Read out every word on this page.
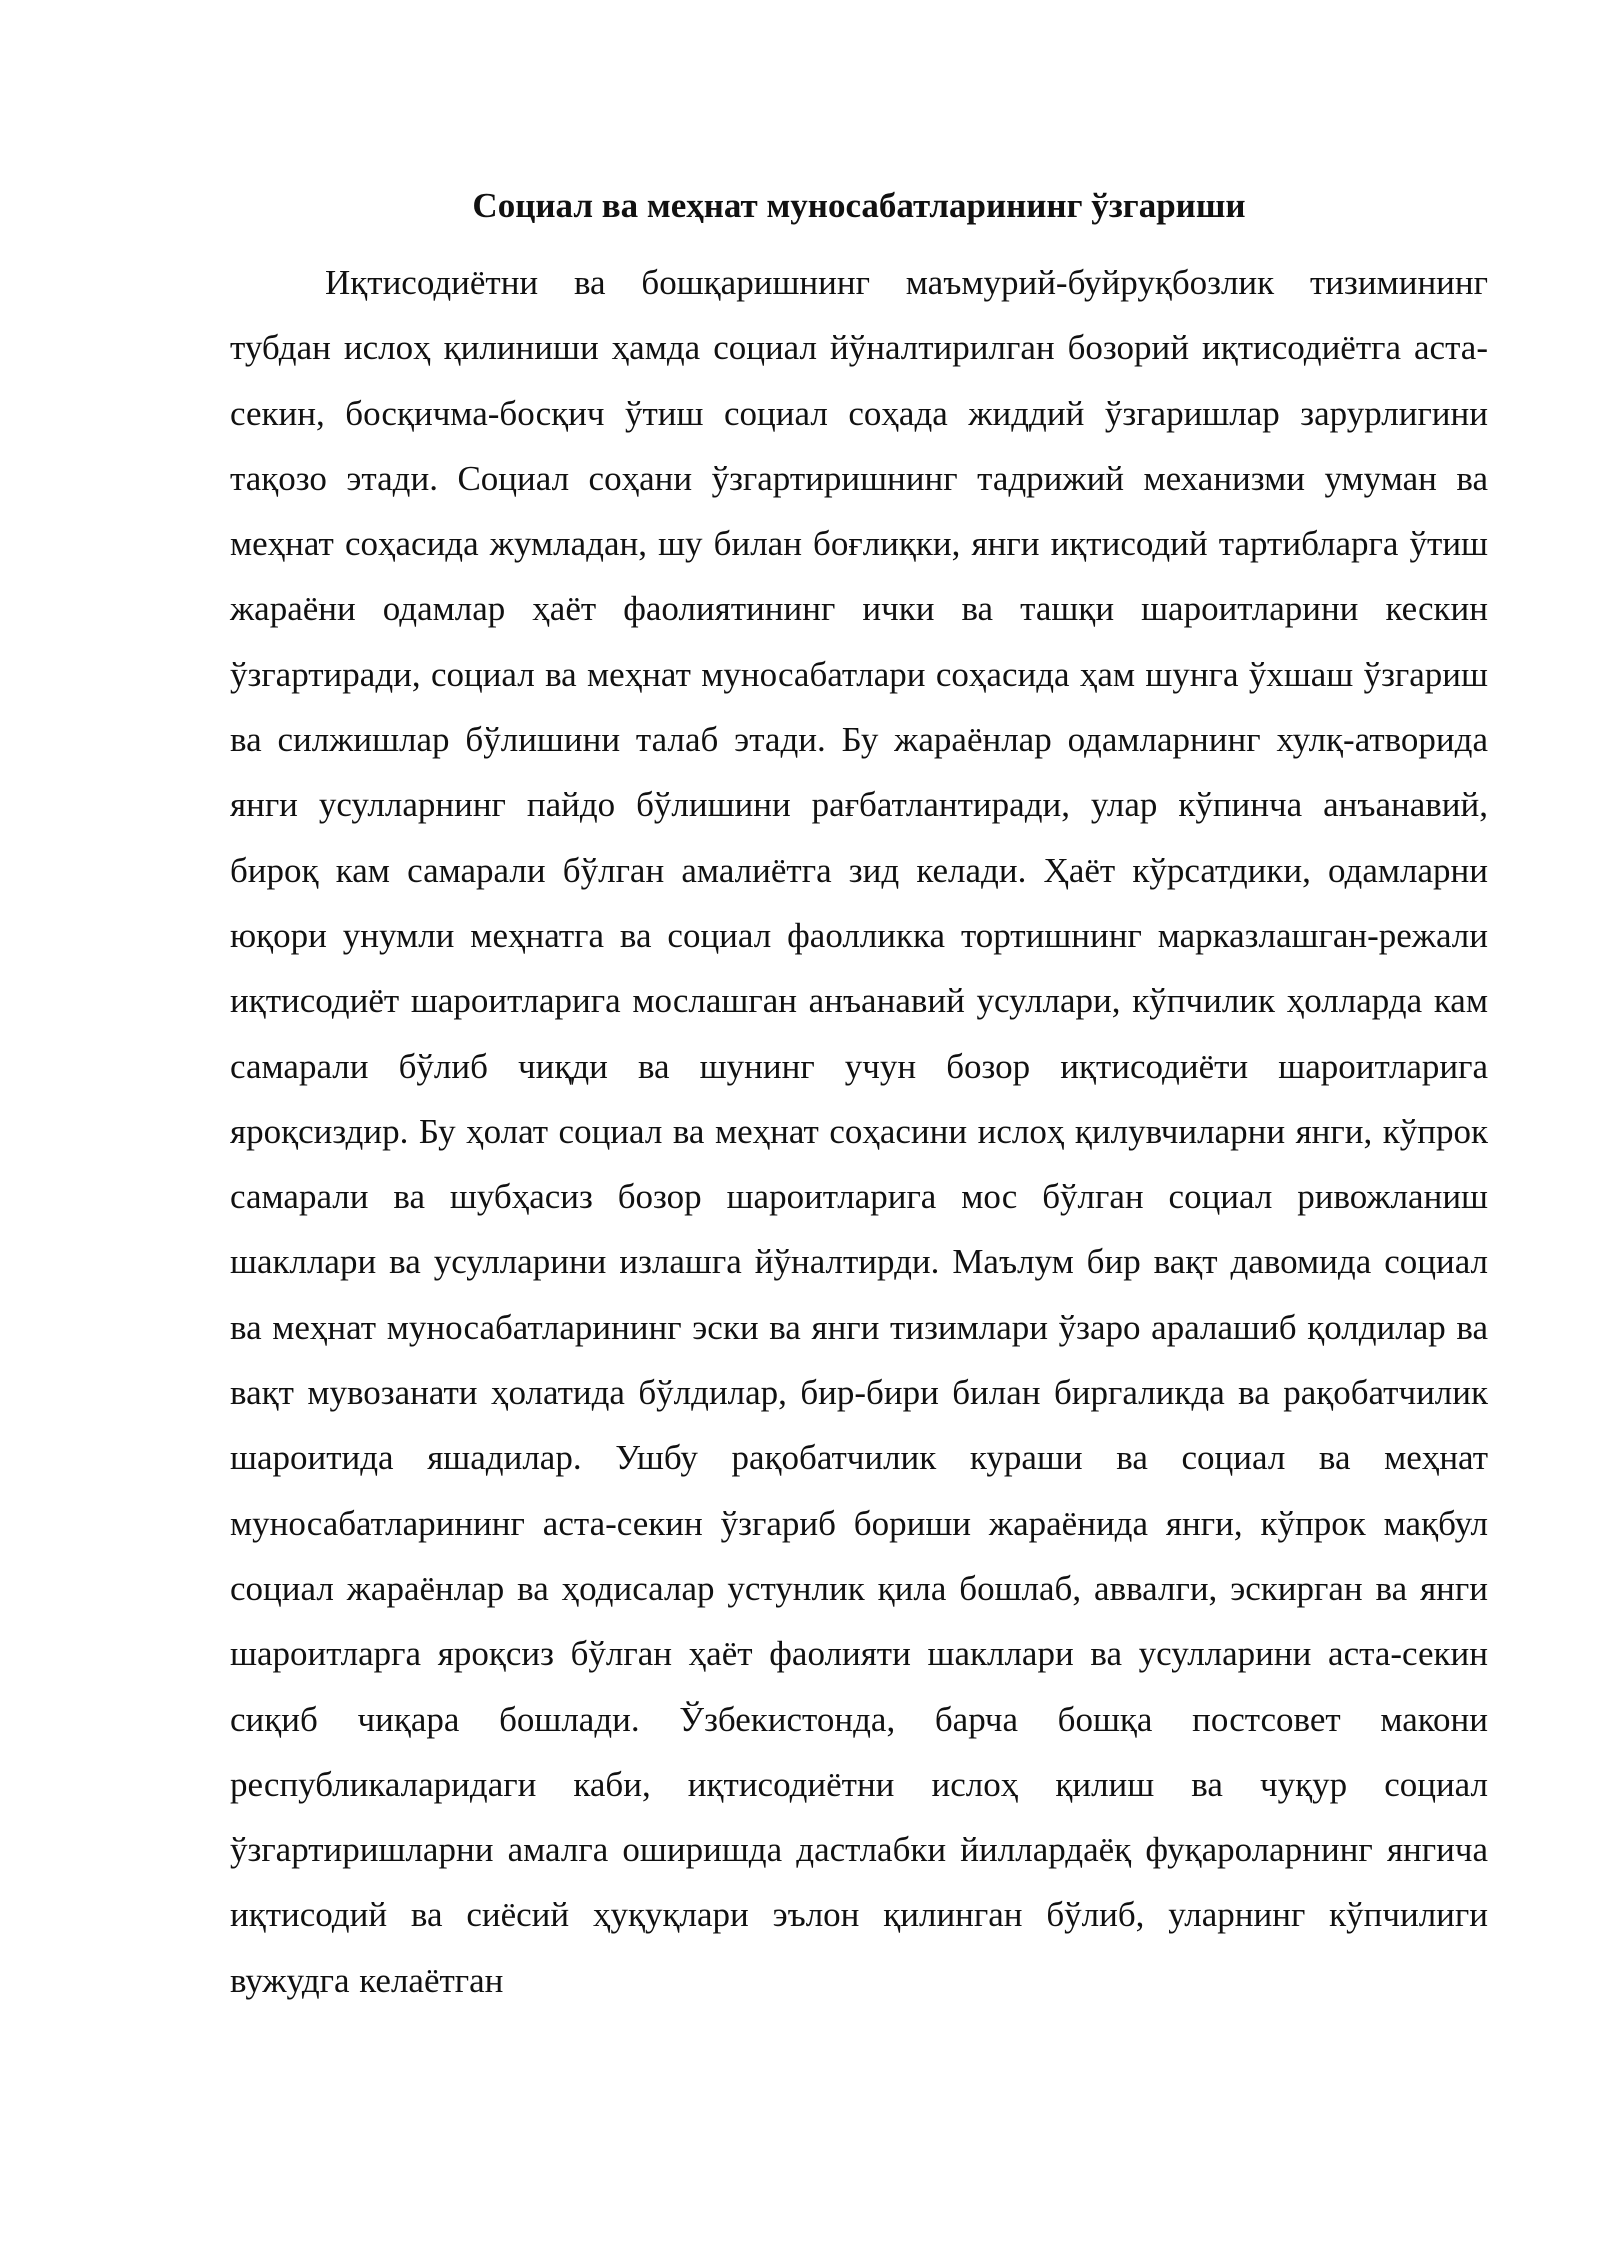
Социал ва меҳнат муносабатларининг ўзгариши

Иқтисодиётни ва бошқаришнинг маъмурий-буйруқбозлик тизимининг тубдан ислоҳ қилиниши ҳамда социал йўналтирилган бозорий иқтисодиётга аста-секин, босқичма-босқич ўтиш социал соҳада жиддий ўзгаришлар зарурлигини тақозо этади. Социал соҳани ўзгартиришнинг тадрижий механизми умуман ва меҳнат соҳасида жумладан, шу билан боғлиқки, янги иқтисодий тартибларга ўтиш жараёни одамлар ҳаёт фаолиятининг ички ва ташқи шароитларини кескин ўзгартиради, социал ва меҳнат муносабатлари соҳасида ҳам шунга ўхшаш ўзгариш ва силжишлар бўлишини талаб этади. Бу жараёнлар одамларнинг хулқ-атворида янги усулларнинг пайдо бўлишини рағбатлантиради, улар кўпинча анъанавий, бироқ кам самарали бўлган амалиётга зид келади. Ҳаёт кўрсатдики, одамларни юқори унумли меҳнатга ва социал фаолликка тортишнинг марказлашган-режали иқтисодиёт шароитларига мослашган анъанавий усуллари, кўпчилик ҳолларда кам самарали бўлиб чиқди ва шунинг учун бозор иқтисодиёти шароитларига яроқсиздир. Бу ҳолат социал ва меҳнат соҳасини ислоҳ қилувчиларни янги, кўпрок самарали ва шубҳасиз бозор шароитларига мос бўлган социал ривожланиш шакллари ва усулларини излашга йўналтирди. Маълум бир вақт давомида социал ва меҳнат муносабатларининг эски ва янги тизимлари ўзаро аралашиб қолдилар ва вақт мувозанати ҳолатида бўлдилар, бир-бири билан биргаликда ва рақобатчилик шароитида яшадилар. Ушбу рақобатчилик кураши ва социал ва меҳнат муносабатларининг аста-секин ўзгариб бориши жараёнида янги, кўпрок мақбул социал жараёнлар ва ҳодисалар устунлик қила бошлаб, аввалги, эскирган ва янги шароитларга яроқсиз бўлган ҳаёт фаолияти шакллари ва усулларини аста-секин сиқиб чиқара бошлади. Ўзбекистонда, барча бошқа постсовет макони республикаларидаги каби, иқтисодиётни ислоҳ қилиш ва чуқур социал ўзгартиришларни амалга оширишда дастлабки йиллардаёқ фуқароларнинг янгича иқтисодий ва сиёсий ҳуқуқлари эълон қилинган бўлиб, уларнинг кўпчилиги вужудга келаётган
